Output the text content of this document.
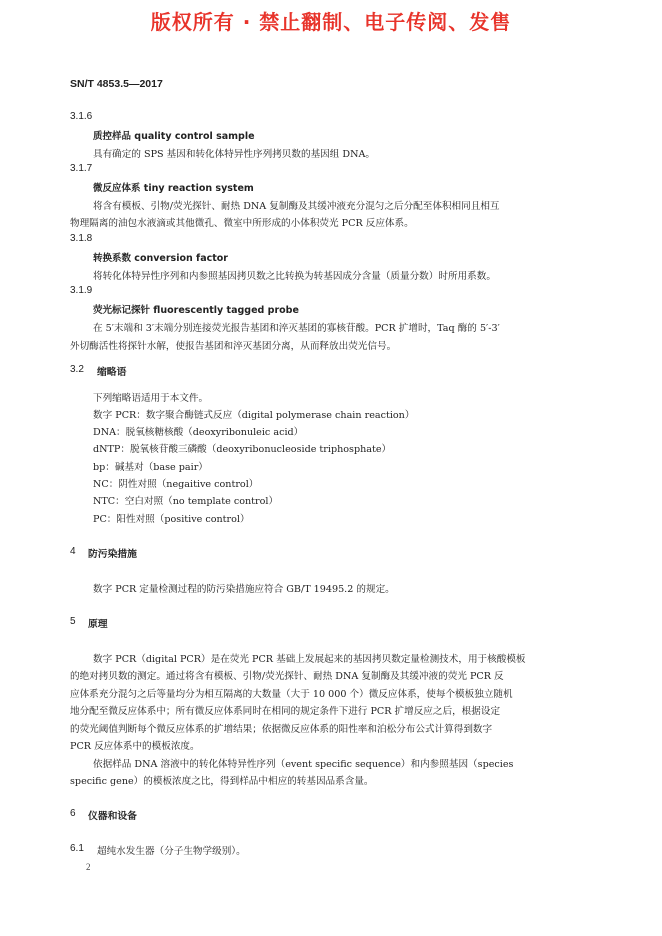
版权所有 · 禁止翻制、电子传阅、发售
SN/T 4853.5—2017
3.1.6
质控样品 quality control sample
具有确定的 SPS 基因和转化体特异性序列拷贝数的基因组 DNA。
3.1.7
微反应体系 tiny reaction system
将含有模板、引物/荧光探针、耐热 DNA 复制酶及其缓冲液充分混匀之后分配至体积相同且相互
物理隔离的油包水液滴或其他微孔、微室中所形成的小体积荧光 PCR 反应体系。
3.1.8
转换系数 conversion factor
将转化体特异性序列和内参照基因拷贝数之比转换为转基因成分含量（质量分数）时所用系数。
3.1.9
荧光标记探针 fluorescently tagged probe
在 5′末端和 3′末端分别连接荧光报告基团和淬灭基团的寡核苷酸。PCR 扩增时，Taq 酶的 5′-3′
外切酶活性将探针水解，使报告基团和淬灭基团分离，从而释放出荧光信号。
3.2 缩略语
下列缩略语适用于本文件。
数字 PCR：数字聚合酶链式反应（digital polymerase chain reaction）
DNA：脱氧核糖核酸（deoxyribonuleic acid）
dNTP：脱氧核苷酸三磷酸（deoxyribonucleoside triphosphate）
bp：碱基对（base pair）
NC：阴性对照（negaitive control）
NTC：空白对照（no template control）
PC：阳性对照（positive control）
4 防污染措施
数字 PCR 定量检测过程的防污染措施应符合 GB/T 19495.2 的规定。
5 原理
数字 PCR（digital PCR）是在荧光 PCR 基础上发展起来的基因拷贝数定量检测技术，用于核酸模板
的绝对拷贝数的测定。通过将含有模板、引物/荧光探针、耐热 DNA 复制酶及其缓冲液的荧光 PCR 反
应体系充分混匀之后等量均分为相互隔离的大数量（大于 10 000 个）微反应体系，使每个模板独立随机
地分配至微反应体系中；所有微反应体系同时在相同的规定条件下进行 PCR 扩增反应之后，根据设定
的荧光阈值判断每个微反应体系的扩增结果；依据微反应体系的阳性率和泊松分布公式计算得到数字
PCR 反应体系中的模板浓度。
依据样品 DNA 溶液中的转化体特异性序列（event specific sequence）和内参照基因（species
specific gene）的模板浓度之比，得到样品中相应的转基因品系含量。
6 仪器和设备
6.1 超纯水发生器（分子生物学级别）。
2
